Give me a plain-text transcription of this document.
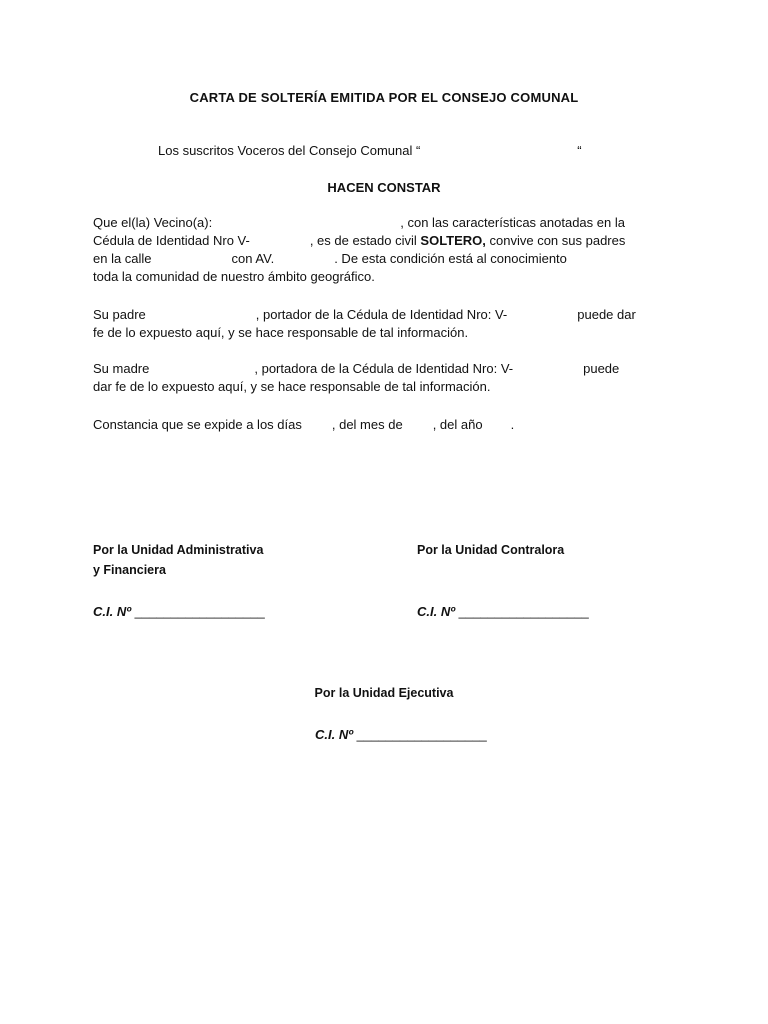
CARTA DE SOLTERÍA EMITIDA POR EL CONSEJO COMUNAL
Los suscritos Voceros del Consejo Comunal “	“
HACEN CONSTAR
Que el(la) Vecino(a):	, con las características anotadas en la
Cédula de Identidad Nro V-	, es de estado civil SOLTERO, convive con sus padres
en la calle	con AV.	. De esta condición está al conocimiento
toda la comunidad de nuestro ámbito geográfico.
Su padre	, portador de la Cédula de Identidad Nro: V-	puede dar
fe de lo expuesto aquí, y se hace responsable de tal información.
Su madre	, portadora de la Cédula de Identidad Nro: V-	puede
dar fe de lo expuesto aquí, y se hace responsable de tal información.
Constancia que se expide a los días , del mes de , del año .
Por la Unidad Administrativa
y Financiera
Por la Unidad Contralora
C.I. Nº __________________	C.I. Nº __________________
Por la Unidad Ejecutiva
C.I. Nº __________________
